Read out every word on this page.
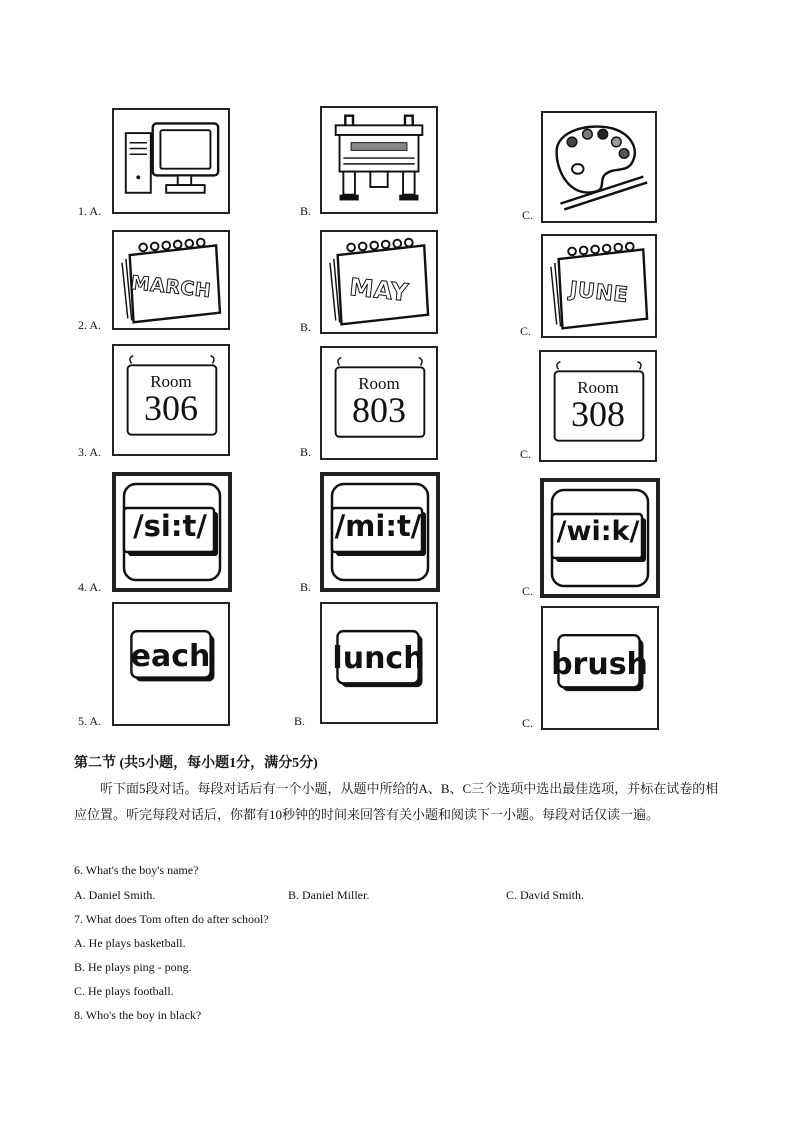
1. A.	B.	C.
2. A.
MARCH
B.
MAY
C.
JUNE
3. A.
Room
306
B.
Room
803
C.
Room
308
4. A.
/si:t/
B.
/mi:t/
C.
/wi:k/
5. A.
each
B.
lunch
C.
brush
第二节 (共5小题，每小题1分，满分5分)
听下面5段对话。每段对话后有一个小题，从题中所给的A、B、C三个选项中选出最佳选项，并标在试卷的相应位置。听完每段对话后，你都有10秒钟的时间来回答有关小题和阅读下一小题。每段对话仅读一遍。
6. What's the boy's name?
A. Daniel Smith.	B. Daniel Miller.	C. David Smith.
7. What does Tom often do after school?
A. He plays basketball.
B. He plays ping - pong.
C. He plays football.
8. Who's the boy in black?
